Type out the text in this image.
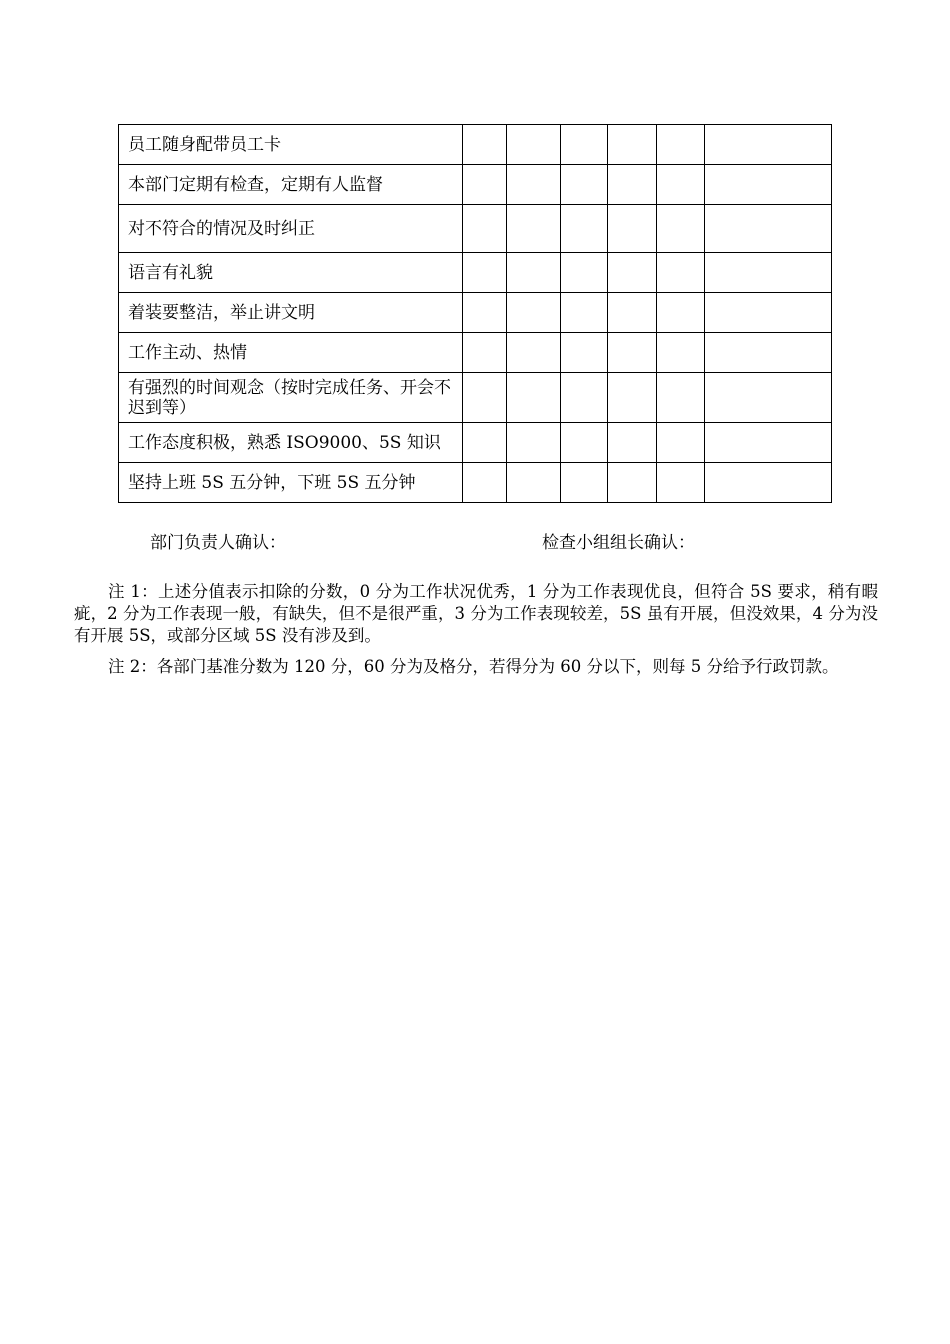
员工随身配带员工卡						

本部门定期有检查，定期有人监督						

对不符合的情况及时纠正						

语言有礼貌						

着装要整洁，举止讲文明						

工作主动、热情						

有强烈的时间观念（按时完成任务、开会不迟到等）						

工作态度积极，熟悉 ISO9000、5S 知识						

坚持上班 5S 五分钟，下班 5S 五分钟						

部门负责人确认：	检查小组组长确认：

注 1：上述分值表示扣除的分数，0 分为工作状况优秀，1 分为工作表现优良，但符合 5S 要求，稍有暇疵，2 分为工作表现一般，有缺失，但不是很严重，3 分为工作表现较差，5S 虽有开展，但没效果，4 分为没有开展 5S，或部分区域 5S 没有涉及到。

注 2：各部门基准分数为 120 分，60 分为及格分，若得分为 60 分以下，则每 5 分给予行政罚款。
